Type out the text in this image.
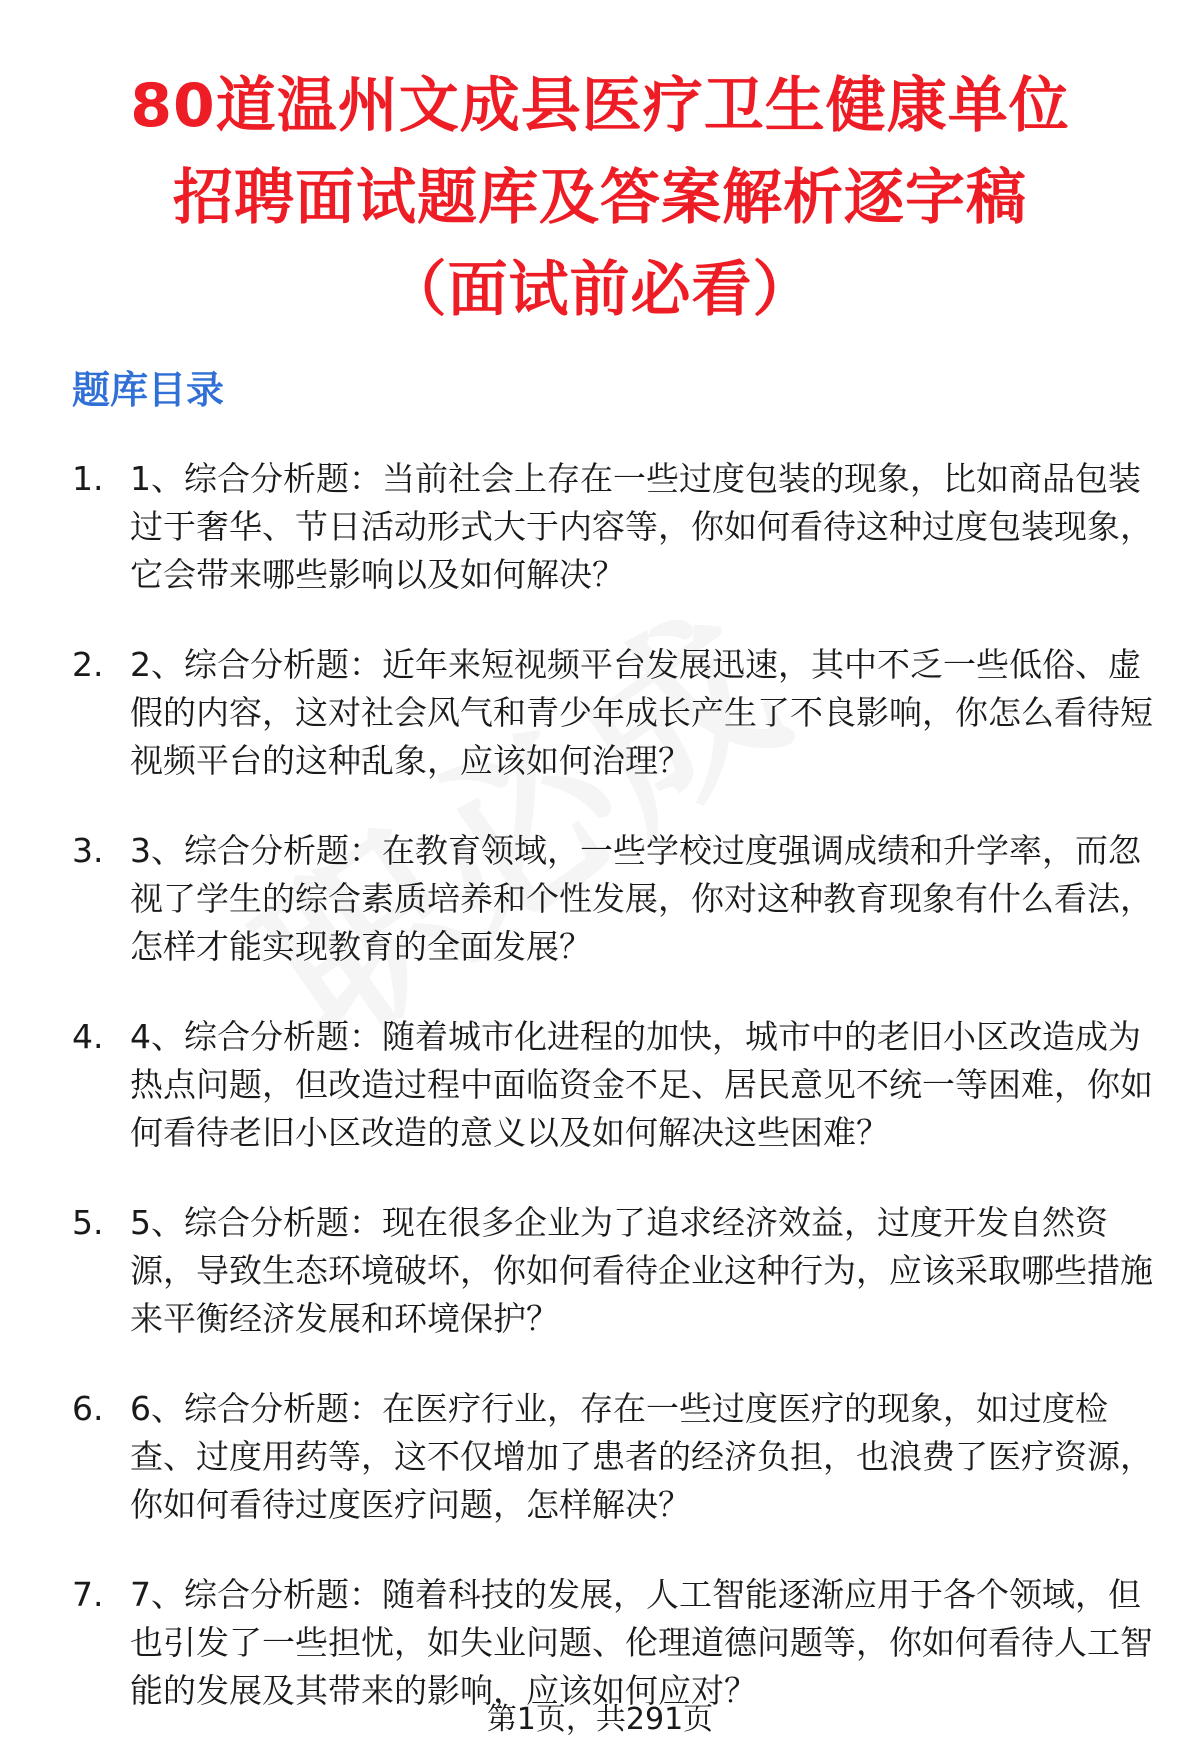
80道温州文成县医疗卫生健康单位
招聘面试题库及答案解析逐字稿
（面试前必看）
题库目录
1. 1、综合分析题：当前社会上存在一些过度包装的现象，比如商品包装过于奢华、节日活动形式大于内容等，你如何看待这种过度包装现象，它会带来哪些影响以及如何解决？
2. 2、综合分析题：近年来短视频平台发展迅速，其中不乏一些低俗、虚假的内容，这对社会风气和青少年成长产生了不良影响，你怎么看待短视频平台的这种乱象，应该如何治理？
3. 3、综合分析题：在教育领域，一些学校过度强调成绩和升学率，而忽视了学生的综合素质培养和个性发展，你对这种教育现象有什么看法，怎样才能实现教育的全面发展？
4. 4、综合分析题：随着城市化进程的加快，城市中的老旧小区改造成为热点问题，但改造过程中面临资金不足、居民意见不统一等困难，你如何看待老旧小区改造的意义以及如何解决这些困难？
5. 5、综合分析题：现在很多企业为了追求经济效益，过度开发自然资源，导致生态环境破坏，你如何看待企业这种行为，应该采取哪些措施来平衡经济发展和环境保护？
6. 6、综合分析题：在医疗行业，存在一些过度医疗的现象，如过度检查、过度用药等，这不仅增加了患者的经济负担，也浪费了医疗资源，你如何看待过度医疗问题，怎样解决？
7. 7、综合分析题：随着科技的发展，人工智能逐渐应用于各个领域，但也引发了一些担忧，如失业问题、伦理道德问题等，你如何看待人工智能的发展及其带来的影响，应该如何应对？
第1页，共291页
